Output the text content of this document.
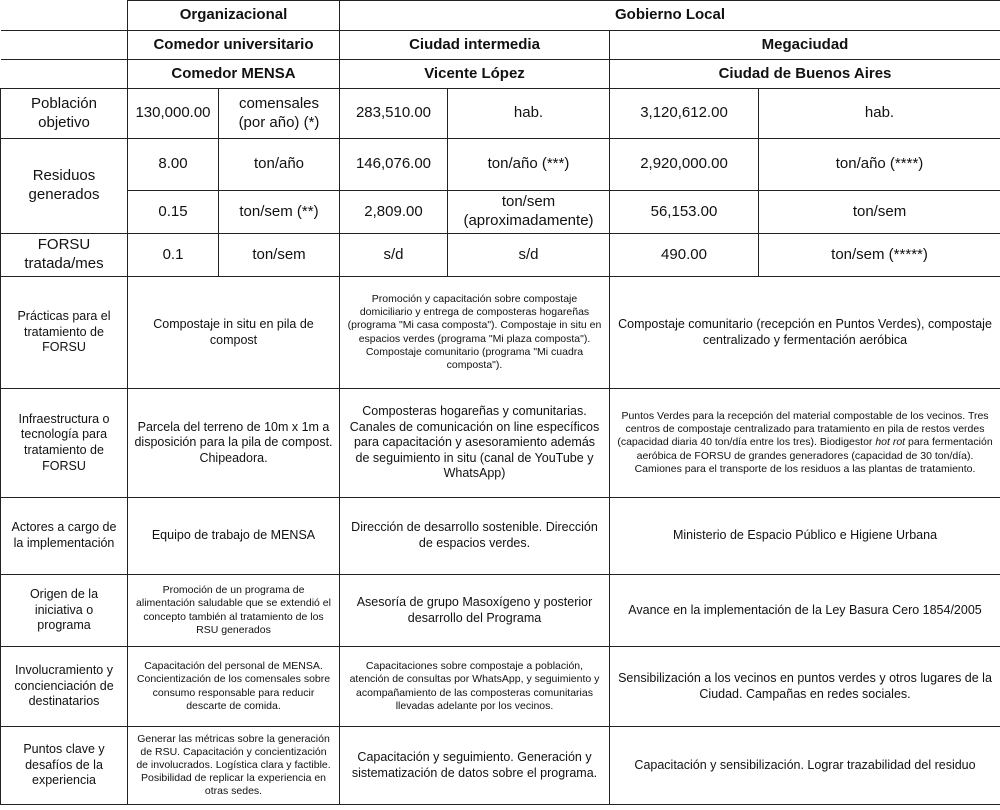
	Organizacional		Gobierno Local			
	Comedor universitario		Ciudad intermedia		Megaciudad	
	Comedor MENSA		Vicente López		Ciudad de Buenos Aires	
Población objetivo	130,000.00	comensales (por año) (*)	283,510.00	hab.	3,120,612.00	hab.
Residuos generados	8.00	ton/año	146,076.00	ton/año (***)	2,920,000.00	ton/año (****)
	0.15	ton/sem (**)	2,809.00	ton/sem (aproximadamente)	56,153.00	ton/sem
FORSU tratada/mes	0.1	ton/sem	s/d	s/d	490.00	ton/sem (*****)
Prácticas para el tratamiento de FORSU	Compostaje in situ en pila de compost		Promoción y capacitación sobre compostaje domiciliario y entrega de composteras hogareñas (programa "Mi casa composta"). Compostaje in situ en espacios verdes (programa "Mi plaza composta"). Compostaje comunitario (programa "Mi cuadra composta").		Compostaje comunitario (recepción en Puntos Verdes), compostaje centralizado y fermentación aeróbica	
Infraestructura o tecnología para tratamiento de FORSU	Parcela del terreno de 10m x 1m a disposición para la pila de compost. Chipeadora.		Composteras hogareñas y comunitarias. Canales de comunicación on line específicos para capacitación y asesoramiento además de seguimiento in situ (canal de YouTube y WhatsApp)		Puntos Verdes para la recepción del material compostable de los vecinos. Tres centros de compostaje centralizado para tratamiento en pila de restos verdes (capacidad diaria 40 ton/día entre los tres). Biodigestor hot rot para fermentación aeróbica de FORSU de grandes generadores (capacidad de 30 ton/día). Camiones para el transporte de los residuos a las plantas de tratamiento.	
Actores a cargo de la implementación	Equipo de trabajo de MENSA		Dirección de desarrollo sostenible. Dirección de espacios verdes.		Ministerio de Espacio Público e Higiene Urbana	
Origen de la iniciativa o programa	Promoción de un programa de alimentación saludable que se extendió el concepto también al tratamiento de los RSU generados		Asesoría de grupo Masoxígeno y posterior desarrollo del Programa		Avance en la implementación de la Ley Basura Cero 1854/2005	
Involucramiento y concienciación de destinatarios	Capacitación del personal de MENSA. Concientización de los comensales sobre consumo responsable para reducir descarte de comida.		Capacitaciones sobre compostaje a población, atención de consultas por WhatsApp, y seguimiento y acompañamiento de las composteras comunitarias llevadas adelante por los vecinos.		Sensibilización a los vecinos en puntos verdes y otros lugares de la Ciudad. Campañas en redes sociales.	
Puntos clave y desafíos de la experiencia	Generar las métricas sobre la generación de RSU. Capacitación y concientización de involucrados. Logística clara y factible. Posibilidad de replicar la experiencia en otras sedes.		Capacitación y seguimiento. Generación y sistematización de datos sobre el programa.		Capacitación y sensibilización. Lograr trazabilidad del residuo	
